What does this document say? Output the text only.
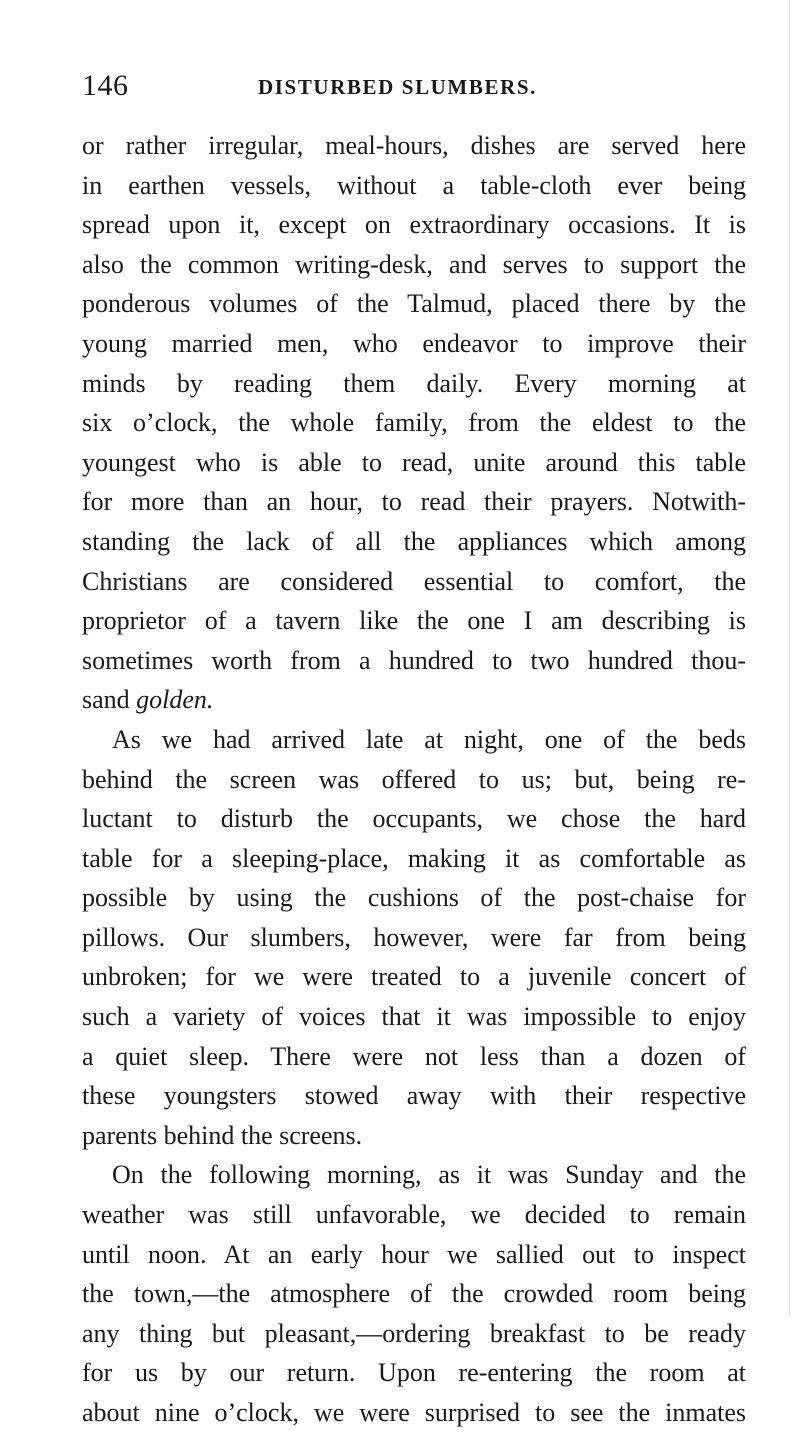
146	DISTURBED SLUMBERS.
or rather irregular, meal-hours, dishes are served here
in earthen vessels, without a table-cloth ever being
spread upon it, except on extraordinary occasions. It is
also the common writing-desk, and serves to support the
ponderous volumes of the Talmud, placed there by the
young married men, who endeavor to improve their
minds by reading them daily. Every morning at
six o’clock, the whole family, from the eldest to the
youngest who is able to read, unite around this table
for more than an hour, to read their prayers. Notwith-
standing the lack of all the appliances which among
Christians are considered essential to comfort, the
proprietor of a tavern like the one I am describing is
sometimes worth from a hundred to two hundred thou-
sand golden.
As we had arrived late at night, one of the beds
behind the screen was offered to us; but, being re-
luctant to disturb the occupants, we chose the hard
table for a sleeping-place, making it as comfortable as
possible by using the cushions of the post-chaise for
pillows. Our slumbers, however, were far from being
unbroken; for we were treated to a juvenile concert of
such a variety of voices that it was impossible to enjoy
a quiet sleep. There were not less than a dozen of
these youngsters stowed away with their respective
parents behind the screens.
On the following morning, as it was Sunday and the
weather was still unfavorable, we decided to remain
until noon. At an early hour we sallied out to inspect
the town,—the atmosphere of the crowded room being
any thing but pleasant,—ordering breakfast to be ready
for us by our return. Upon re-entering the room at
about nine o’clock, we were surprised to see the inmates
